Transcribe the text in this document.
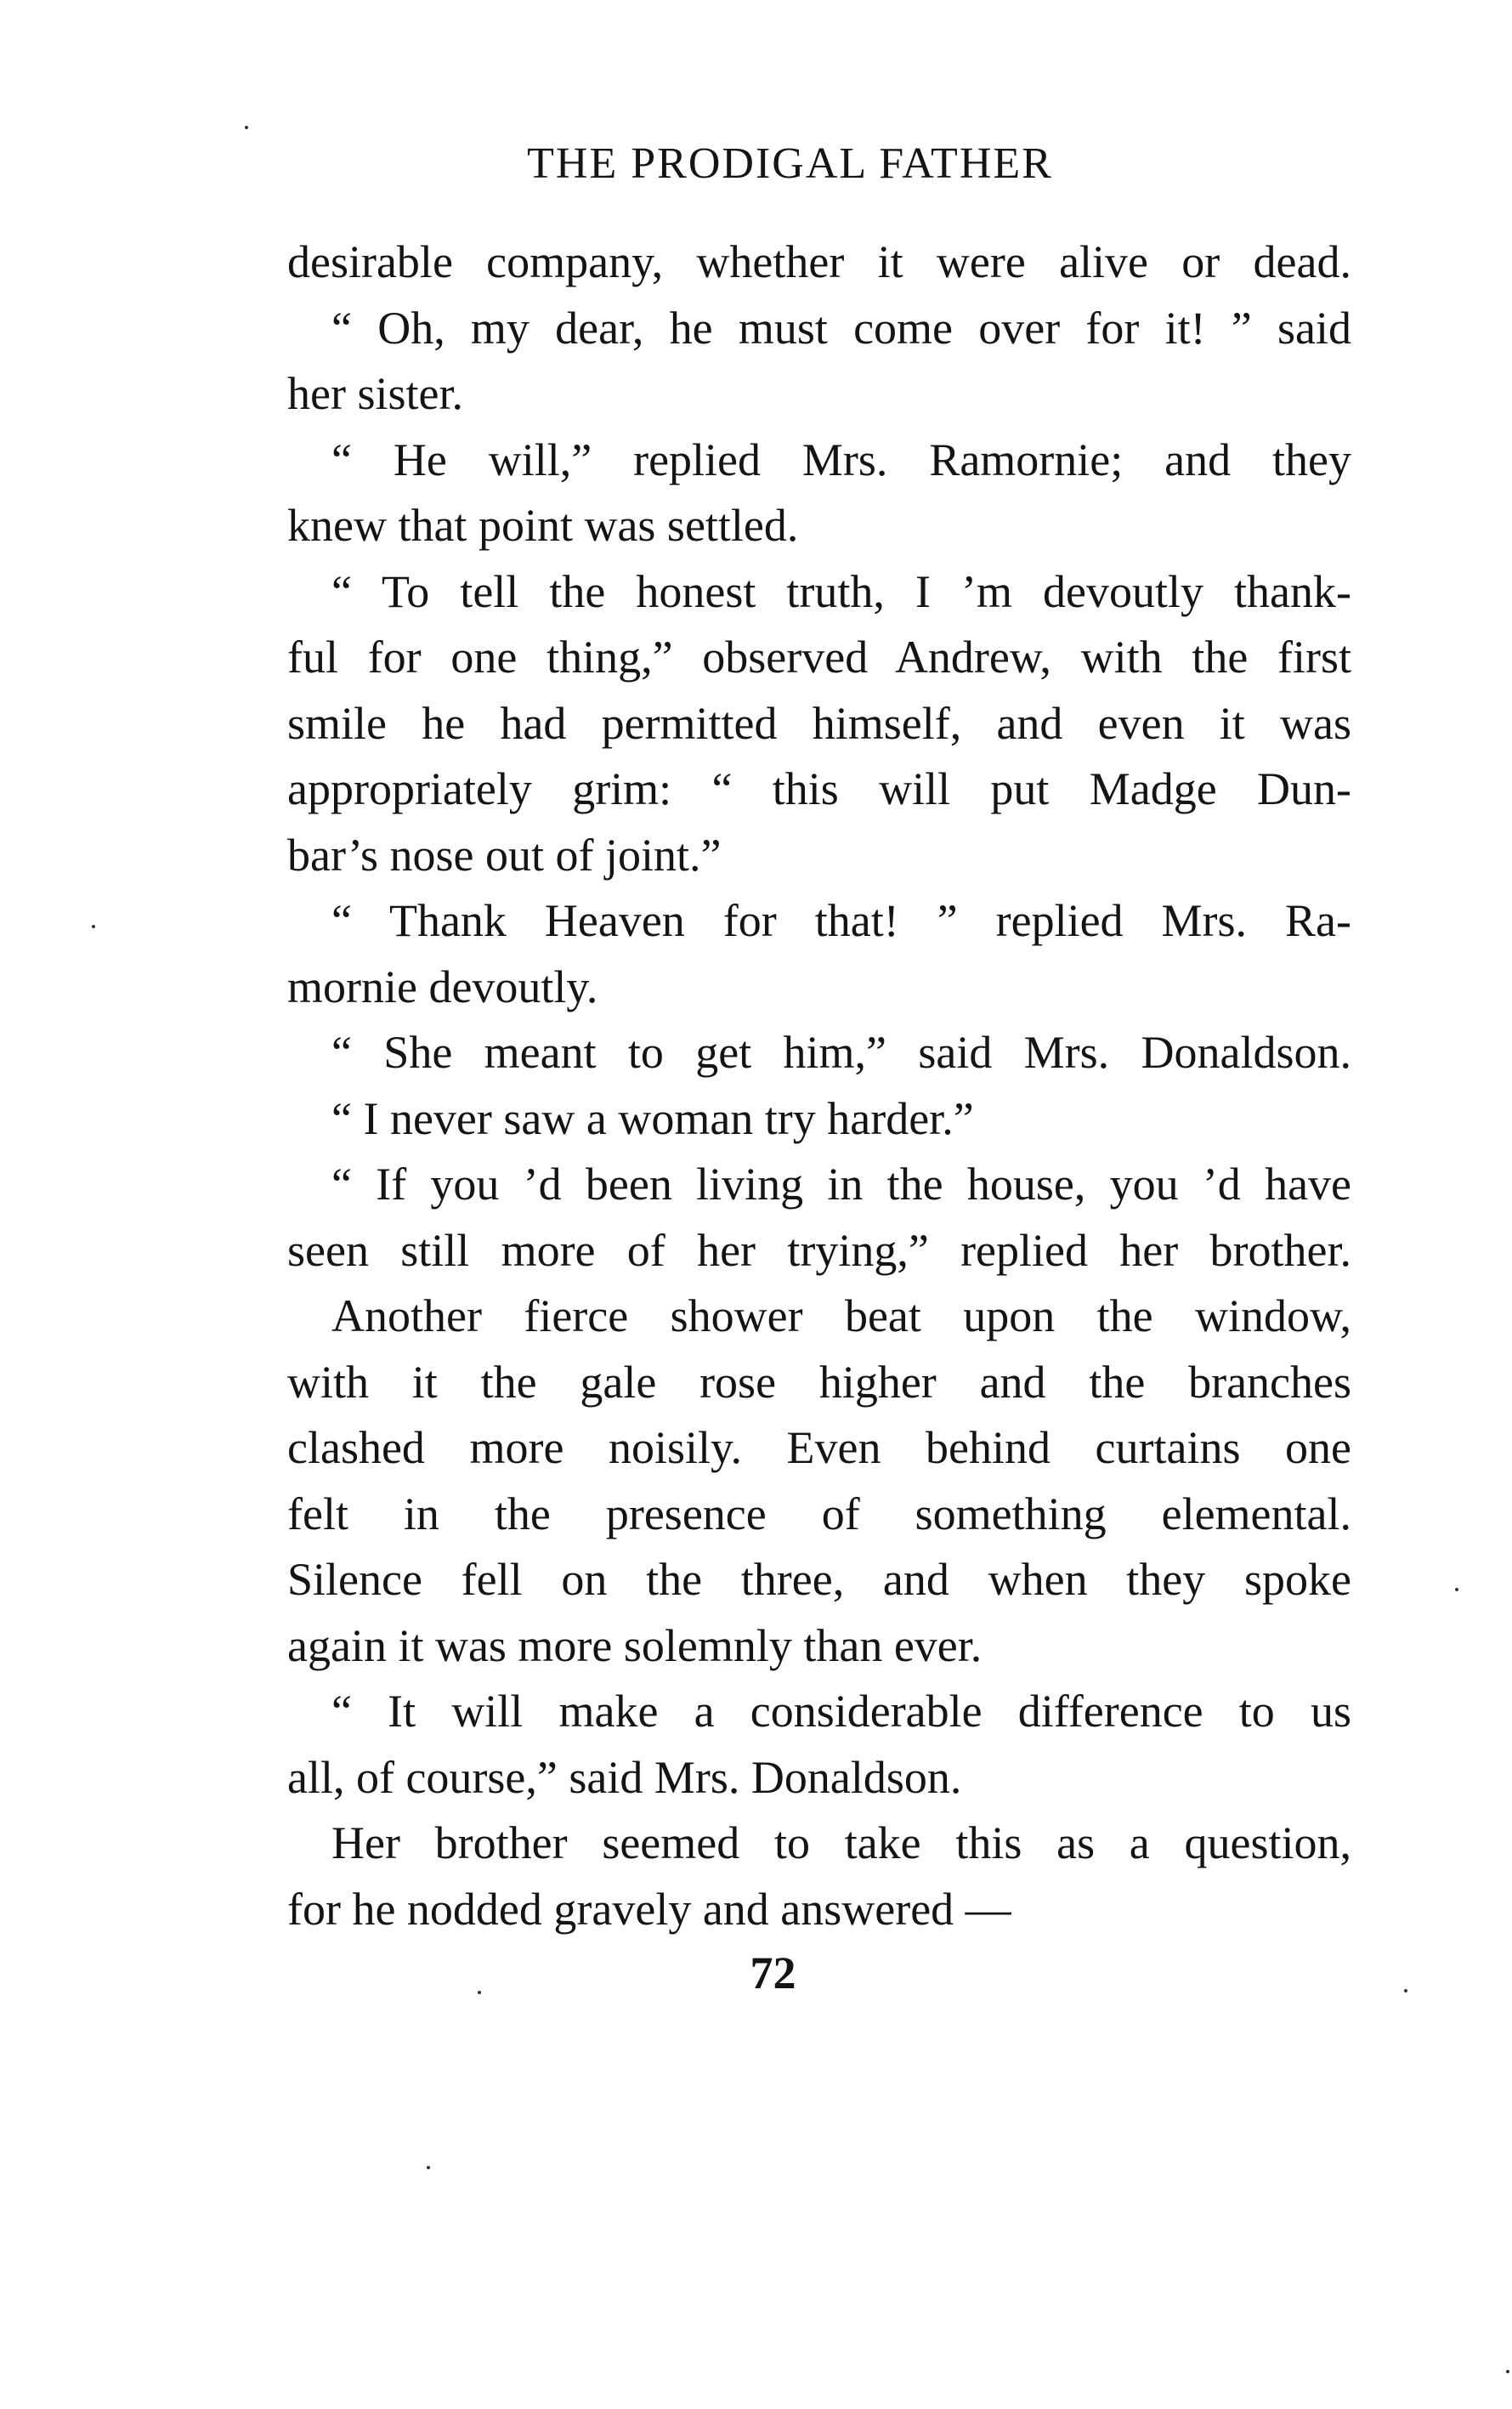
THE PRODIGAL FATHER
desirable company, whether it were alive or dead.
“ Oh, my dear, he must come over for it! ” said
her sister.
“ He will,” replied Mrs. Ramornie; and they
knew that point was settled.
“ To tell the honest truth, I ’m devoutly thank-
ful for one thing,” observed Andrew, with the first
smile he had permitted himself, and even it was
appropriately grim: “ this will put Madge Dun-
bar’s nose out of joint.”
“ Thank Heaven for that! ” replied Mrs. Ra-
mornie devoutly.
“ She meant to get him,” said Mrs. Donaldson.
“ I never saw a woman try harder.”
“ If you ’d been living in the house, you ’d have
seen still more of her trying,” replied her brother.
Another fierce shower beat upon the window,
with it the gale rose higher and the branches
clashed more noisily. Even behind curtains one
felt in the presence of something elemental.
Silence fell on the three, and when they spoke
again it was more solemnly than ever.
“ It will make a considerable difference to us
all, of course,” said Mrs. Donaldson.
Her brother seemed to take this as a question,
for he nodded gravely and answered —
72
